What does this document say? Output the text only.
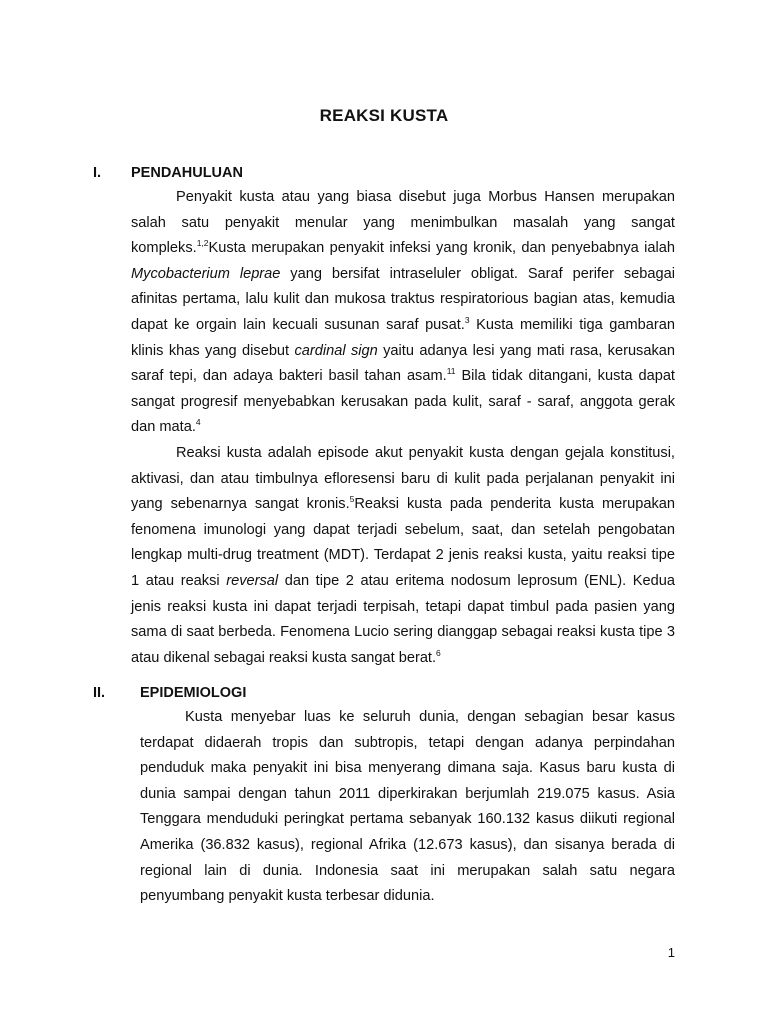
REAKSI KUSTA
I. PENDAHULUAN

Penyakit kusta atau yang biasa disebut juga Morbus Hansen merupakan salah satu penyakit menular yang menimbulkan masalah yang sangat kompleks.$^{1,2}$Kusta merupakan penyakit infeksi yang kronik, dan penyebabnya ialah Mycobacterium leprae yang bersifat intraseluler obligat. Saraf perifer sebagai afinitas pertama, lalu kulit dan mukosa traktus respiratorious bagian atas, kemudia dapat ke orgain lain kecuali susunan saraf pusat.$^3$ Kusta memiliki tiga gambaran klinis khas yang disebut cardinal sign yaitu adanya lesi yang mati rasa, kerusakan saraf tepi, dan adaya bakteri basil tahan asam.$^{11}$ Bila tidak ditangani, kusta dapat sangat progresif menyebabkan kerusakan pada kulit, saraf - saraf, anggota gerak dan mata.$^4$

Reaksi kusta adalah episode akut penyakit kusta dengan gejala konstitusi, aktivasi, dan atau timbulnya efloresensi baru di kulit pada perjalanan penyakit ini yang sebenarnya sangat kronis.$^5$Reaksi kusta pada penderita kusta merupakan fenomena imunologi yang dapat terjadi sebelum, saat, dan setelah pengobatan lengkap multi-drug treatment (MDT). Terdapat 2 jenis reaksi kusta, yaitu reaksi tipe 1 atau reaksi reversal dan tipe 2 atau eritema nodosum leprosum (ENL). Kedua jenis reaksi kusta ini dapat terjadi terpisah, tetapi dapat timbul pada pasien yang sama di saat berbeda. Fenomena Lucio sering dianggap sebagai reaksi kusta tipe 3 atau dikenal sebagai reaksi kusta sangat berat.$^6$

II. EPIDEMIOLOGI

Kusta menyebar luas ke seluruh dunia, dengan sebagian besar kasus terdapat didaerah tropis dan subtropis, tetapi dengan adanya perpindahan penduduk maka penyakit ini bisa menyerang dimana saja. Kasus baru kusta di dunia sampai dengan tahun 2011 diperkirakan berjumlah 219.075 kasus. Asia Tenggara menduduki peringkat pertama sebanyak 160.132 kasus diikuti regional Amerika (36.832 kasus), regional Afrika (12.673 kasus), dan sisanya berada di regional lain di dunia. Indonesia saat ini merupakan salah satu negara penyumbang penyakit kusta terbesar didunia.

1
